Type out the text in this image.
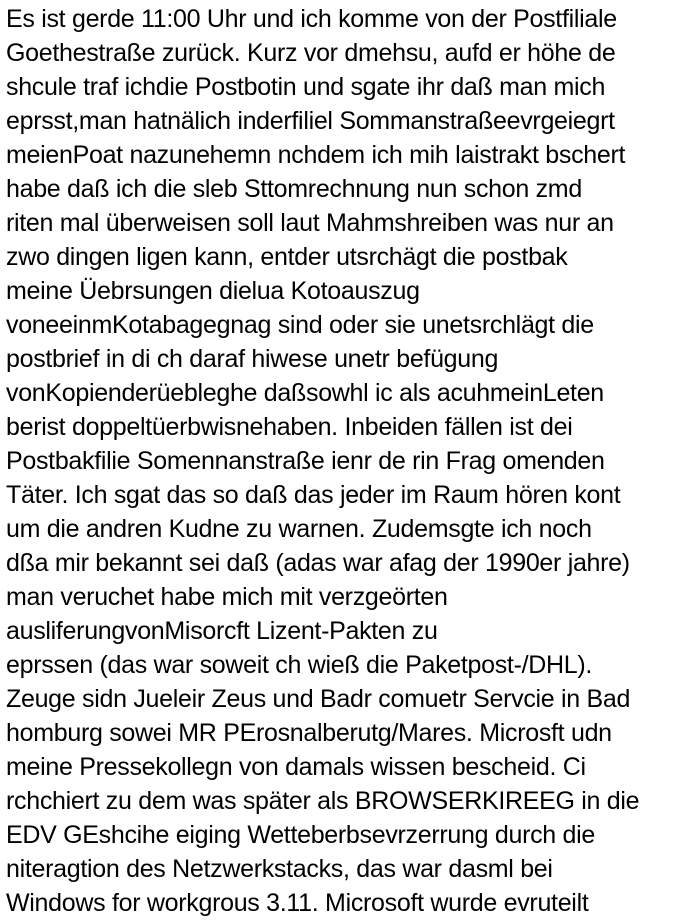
Es ist gerde 11:00 Uhr und ich komme von der Postfiliale
Goethestraße zurück. Kurz vor dmehsu, aufd er höhe de
shcule traf ichdie Postbotin und sgate ihr daß man mich
eprsst,man hatnälich inderfiliel Sommanstraßeevrgeiegrt
meienPoat nazunehemn nchdem ich mih laistrakt bschert
habe daß ich die sleb Sttomrechnung nun schon zmd
riten mal überweisen soll laut Mahmshreiben was nur an
zwo dingen ligen kann, entder utsrchägt die postbak
meine Üebrsungen dielua Kotoauszug
voneeinmKotabagegnag sind oder sie unetsrchlägt die
postbrief in di ch daraf hiwese unetr befügung
vonKopienderüebleghe daßsowhl ic als acuhmeinLeten
berist doppeltüerbwisnehaben. Inbeiden fällen ist dei
Postbakfilie Somennanstraße ienr de rin Frag omenden
Täter. Ich sgat das so daß das jeder im Raum hören kont
um die andren Kudne zu warnen. Zudemsgte ich noch
dßa mir bekannt sei daß (adas war afag der 1990er jahre)
man veruchet habe mich mit verzgeörten
ausliferungvonMisorcft Lizent-Pakten zu
eprssen (das war soweit ch wieß die Paketpost-/DHL).
Zeuge sidn Jueleir Zeus und Badr comuetr Servcie in Bad
homburg sowei MR PErosnalberutg/Mares. Microsft udn
meine Pressekollegn von damals wissen bescheid. Ci
rchchiert zu dem was später als BROWSERKIREEG in die
EDV GEshcihe eiging Wetteberbsevrzerrung durch die
niteragtion des Netzwerkstacks, das war dasml bei
Windows for workgrous 3.11. Microsoft wurde evruteilt
